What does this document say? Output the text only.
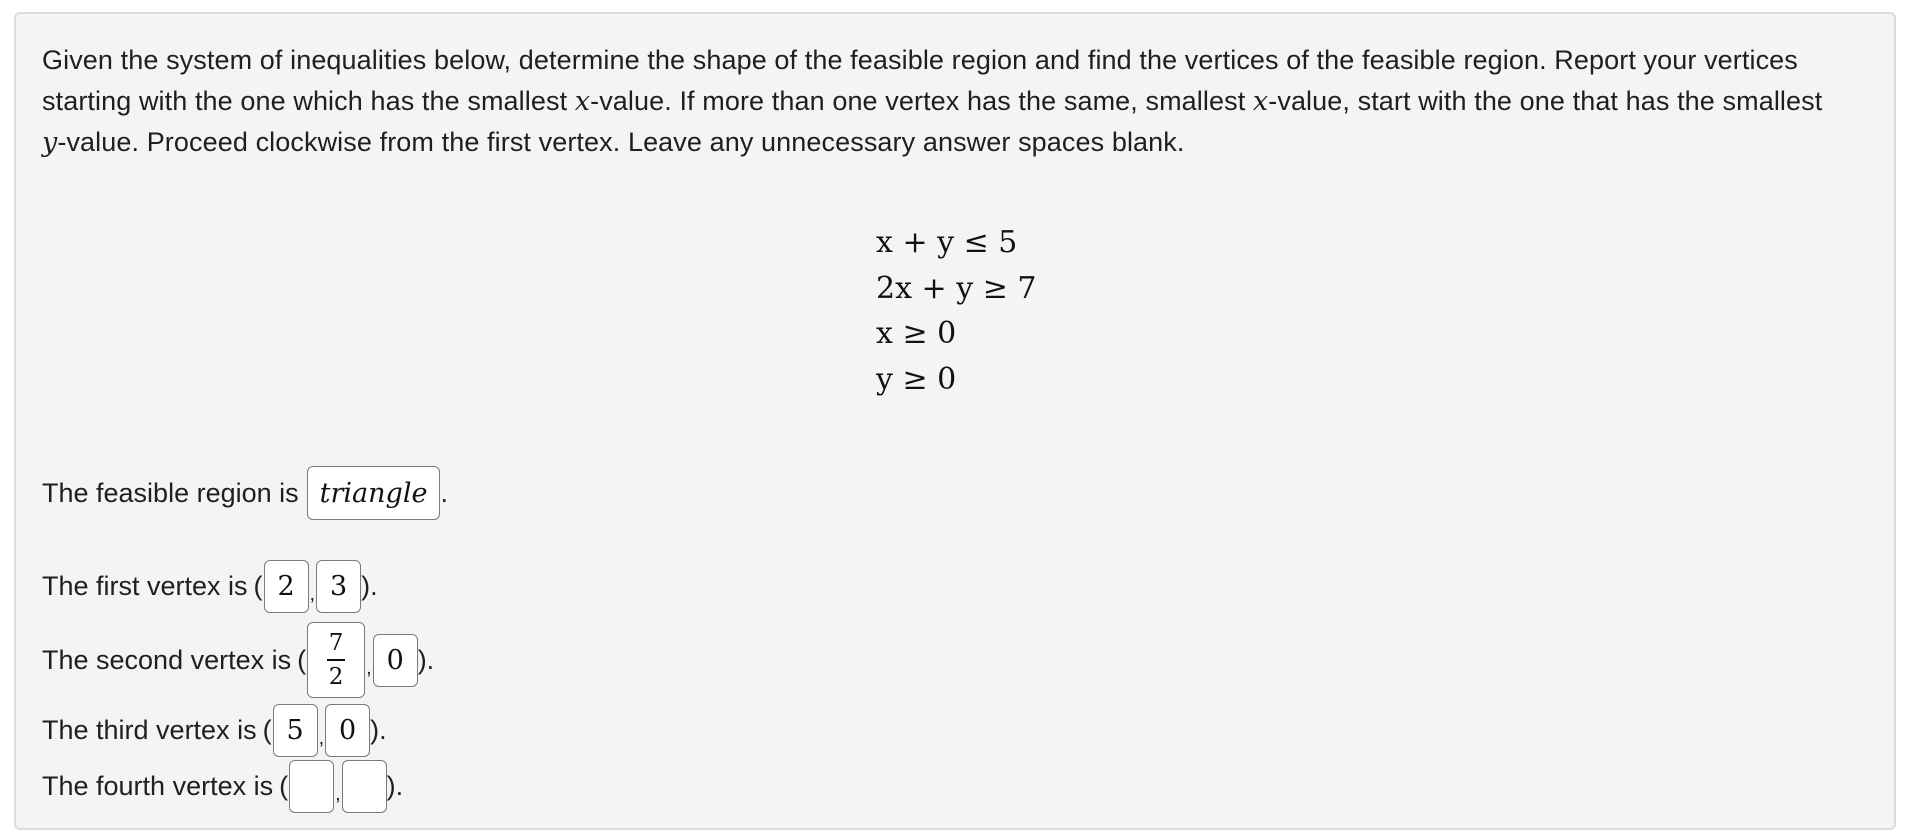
Given the system of inequalities below, determine the shape of the feasible region and find the vertices of the feasible region. Report your vertices starting with the one which has the smallest x-value. If more than one vertex has the same, smallest x-value, start with the one that has the smallest y-value. Proceed clockwise from the first vertex. Leave any unnecessary answer spaces blank.
x + y ≤ 5
2x + y ≥ 7
x ≥ 0
y ≥ 0
The feasible region is triangle .
The first vertex is ( 2 , 3 ).
The second vertex is ( $\frac{7}{2}$ , 0 ).
The third vertex is ( 5 , 0 ).
The fourth vertex is ( , ).
